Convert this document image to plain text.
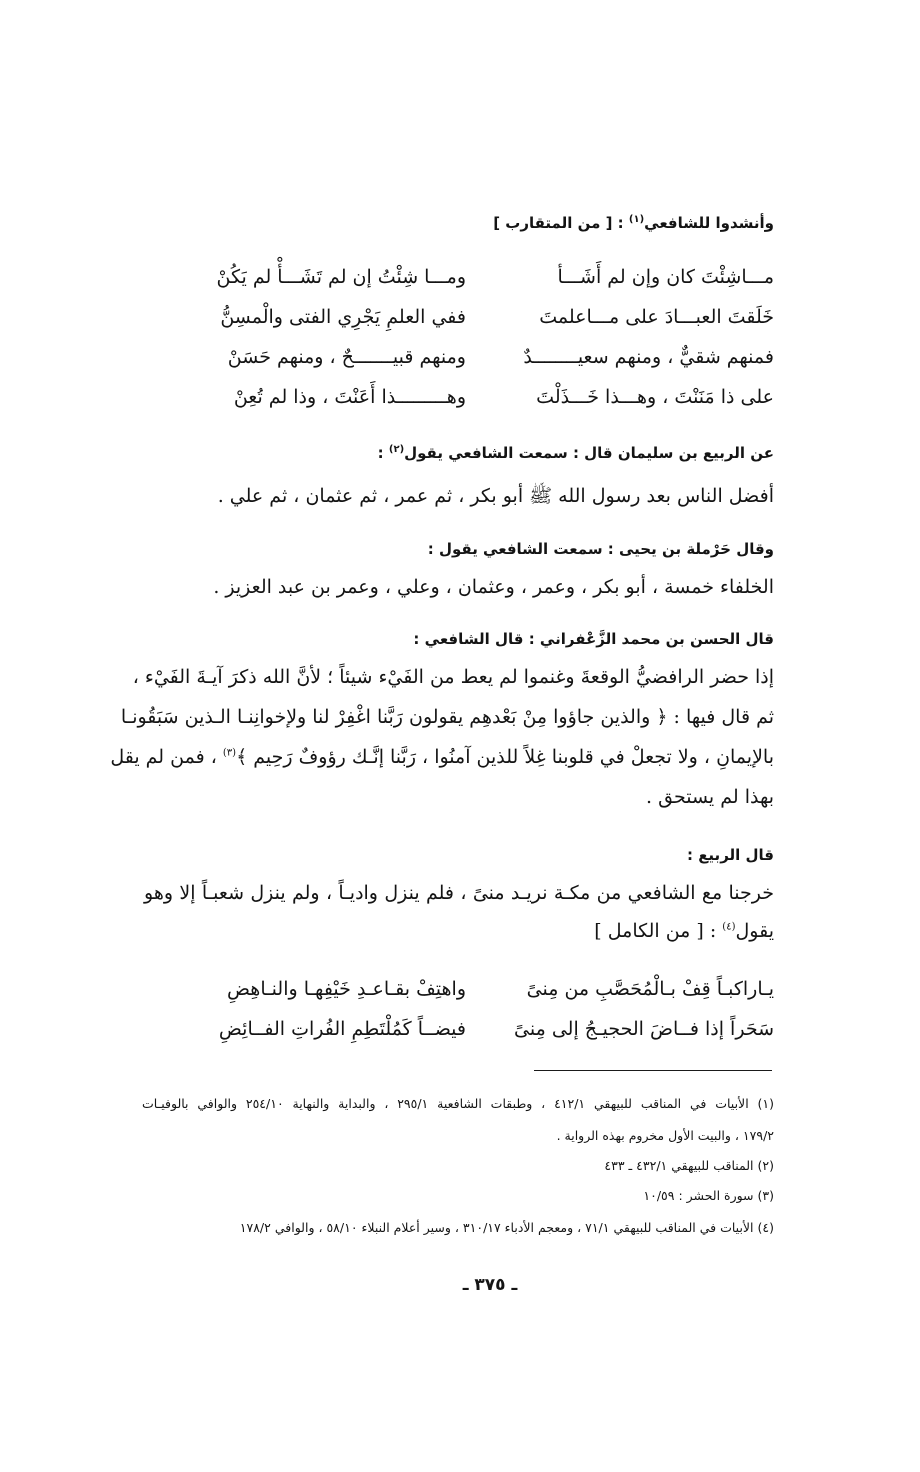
وأنشدوا للشافعي$^{(١)}$ : [ من المتقارب ]
مـــاشِئْتَ كان وإن لم أَشَـــأ
ومـــا شِئْتُ إن لم تَشَـــأْ لم يَكُنْ
خَلَقتَ العبـــادَ على مـــاعلمتَ
ففي العلمِ يَجْرِي الفتى والْمسِنُّ
فمنهم شقيٌّ ، ومنهم سعيــــــــدٌ
ومنهم قبيـــــــحٌ ، ومنهم حَسَنْ
على ذا مَنَنْتَ ، وهـــذا خَـــذَلْتَ
وهـــــــــذا أَعَنْتَ ، وذا لم تُعِنْ
عن الربيع بن سليمان قال : سمعت الشافعي يقول$^{(٢)}$ :
أفضل الناس بعد رسول الله ﷺ أبو بكر ، ثم عمر ، ثم عثمان ، ثم علي .
وقال حَرْملة بن يحيى : سمعت الشافعي يقول :
الخلفاء خمسة ، أبو بكر ، وعمر ، وعثمان ، وعلي ، وعمر بن عبد العزيز .
قال الحسن بن محمد الزَّعْفراني : قال الشافعي :
إذا حضر الرافضيُّ الوقعةَ وغنموا لم يعط من الفَيْء شيئاً ؛ لأنَّ الله ذكرَ آيـةَ الفَيْء ،
ثم قال فيها : ﴿ والذين جاؤوا مِنْ بَعْدهِم يقولون رَبَّنا اغْفِرْ لنا ولإخوانِنـا الـذين سَبَقُونـا
بالإيمانِ ، ولا تجعلْ في قلوبنا غِلاً للذين آمنُوا ، رَبَّنا إنَّـك رؤوفٌ رَحِيم ﴾$^{(٣)}$ ، فمن لم يقل
بهذا لم يستحق .
قال الربيع :
خرجنا مع الشافعي من مكـة نريـد منىً ، فلم ينزل واديـاً ، ولم ينزل شعبـاً إلا وهو
يقول$^{(٤)}$ : [ من الكامل ]
يـاراكبـاً قِفْ بـالْمُحَصَّبِ من مِنىً
واهتِفْ بقـاعـدِ خَيْفِهـا والنـاهِضِ
سَحَراً إذا فــاضَ الحجيـجُ إلى مِنىً
فيضــاً كَمُلْتَطِمِ الفُراتِ الفــائِضِ
(١) الأبيات في المناقب للبيهقي ٤١٢/١ ، وطبقات الشافعية ٢٩٥/١ ، والبداية والنهاية ٢٥٤/١٠ والوافي بالوفيـات
١٧٩/٢ ، والبيت الأول مخروم بهذه الرواية .
(٢) المناقب للبيهقي ٤٣٢/١ ـ ٤٣٣
(٣) سورة الحشر : ١٠/٥٩
(٤) الأبيات في المناقب للبيهقي ٧١/١ ، ومعجم الأدباء ٣١٠/١٧ ، وسير أعلام النبلاء ٥٨/١٠ ، والوافي ١٧٨/٢
ـ ٣٧٥ ـ
